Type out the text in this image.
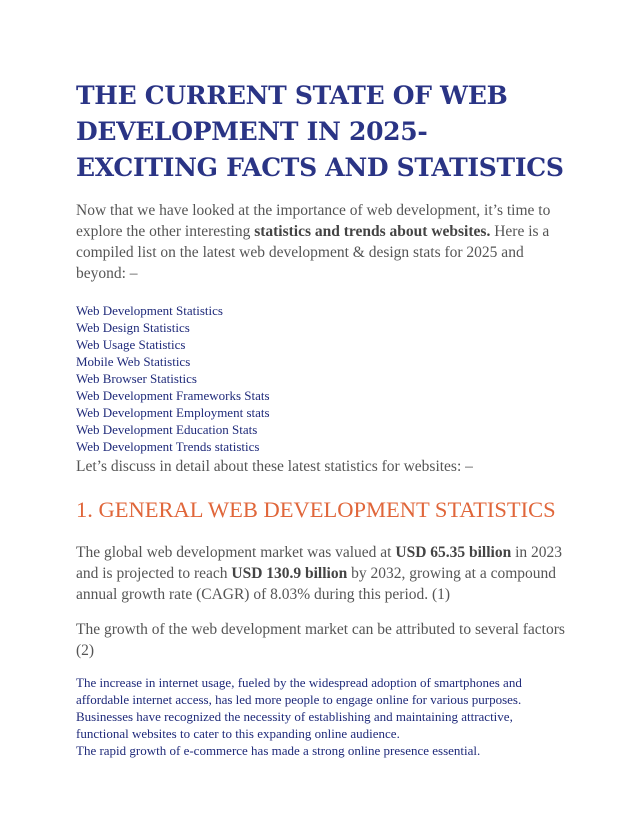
THE CURRENT STATE OF WEB DEVELOPMENT IN 2025- EXCITING FACTS AND STATISTICS

Now that we have looked at the importance of web development, it’s time to explore the other interesting statistics and trends about websites. Here is a compiled list on the latest web development & design stats for 2025 and beyond: –

Web Development Statistics
Web Design Statistics
Web Usage Statistics
Mobile Web Statistics
Web Browser Statistics
Web Development Frameworks Stats
Web Development Employment stats
Web Development Education Stats
Web Development Trends statistics

Let’s discuss in detail about these latest statistics for websites: –

1. GENERAL WEB DEVELOPMENT STATISTICS

The global web development market was valued at USD 65.35 billion in 2023 and is projected to reach USD 130.9 billion by 2032, growing at a compound annual growth rate (CAGR) of 8.03% during this period. (1)

The growth of the web development market can be attributed to several factors (2)

The increase in internet usage, fueled by the widespread adoption of smartphones and affordable internet access, has led more people to engage online for various purposes.
Businesses have recognized the necessity of establishing and maintaining attractive, functional websites to cater to this expanding online audience.
The rapid growth of e-commerce has made a strong online presence essential.
